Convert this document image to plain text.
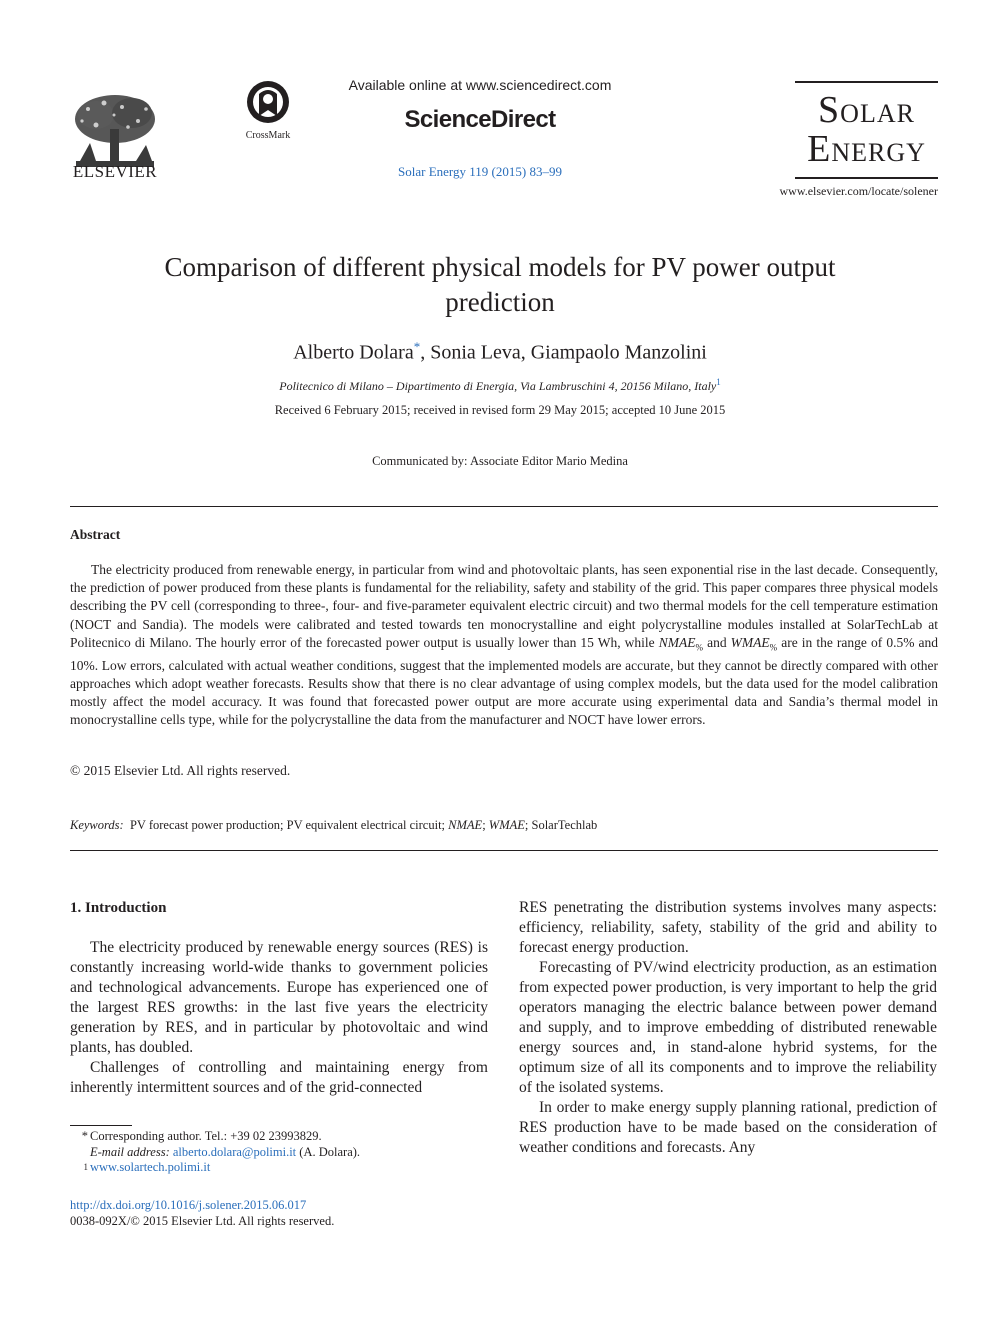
ELSEVIER
CrossMark
Available online at www.sciencedirect.com
ScienceDirect
Solar Energy 119 (2015) 83–99
SOLAR
ENERGY
www.elsevier.com/locate/solener
Comparison of different physical models for PV power output prediction
Alberto Dolara*, Sonia Leva, Giampaolo Manzolini
Politecnico di Milano – Dipartimento di Energia, Via Lambruschini 4, 20156 Milano, Italy$^1$
Received 6 February 2015; received in revised form 29 May 2015; accepted 10 June 2015
Communicated by: Associate Editor Mario Medina
Abstract

The electricity produced from renewable energy, in particular from wind and photovoltaic plants, has seen exponential rise in the last decade. Consequently, the prediction of power produced from these plants is fundamental for the reliability, safety and stability of the grid. This paper compares three physical models describing the PV cell (corresponding to three-, four- and five-parameter equivalent electric circuit) and two thermal models for the cell temperature estimation (NOCT and Sandia). The models were calibrated and tested towards ten monocrystalline and eight polycrystalline modules installed at SolarTechLab at Politecnico di Milano. The hourly error of the forecasted power output is usually lower than 15 Wh, while $NMAE_{\%}$ and $WMAE_{\%}$ are in the range of 0.5% and 10%. Low errors, calculated with actual weather conditions, suggest that the implemented models are accurate, but they cannot be directly compared with other approaches which adopt weather forecasts. Results show that there is no clear advantage of using complex models, but the data used for the model calibration mostly affect the model accuracy. It was found that forecasted power output are more accurate using experimental data and Sandia’s thermal model in monocrystalline cells type, while for the polycrystalline the data from the manufacturer and NOCT have lower errors.

© 2015 Elsevier Ltd. All rights reserved.
Keywords: PV forecast power production; PV equivalent electrical circuit; NMAE; WMAE; SolarTechlab
1. Introduction

The electricity produced by renewable energy sources (RES) is constantly increasing world-wide thanks to government policies and technological advancements. Europe has experienced one of the largest RES growths: in the last five years the electricity generation by RES, and in particular by photovoltaic and wind plants, has doubled.

Challenges of controlling and maintaining energy from inherently intermittent sources and of the grid-connected

RES penetrating the distribution systems involves many aspects: efficiency, reliability, safety, stability of the grid and ability to forecast energy production.

Forecasting of PV/wind electricity production, as an estimation from expected power production, is very important to help the grid operators managing the electric balance between power demand and supply, and to improve embedding of distributed renewable energy sources and, in stand-alone hybrid systems, for the optimum size of all its components and to improve the reliability of the isolated systems.

In order to make energy supply planning rational, prediction of RES production have to be made based on the consideration of weather conditions and forecasts. Any

* Corresponding author. Tel.: +39 02 23993829.
E-mail address: alberto.dolara@polimi.it (A. Dolara).
1 www.solartech.polimi.it
http://dx.doi.org/10.1016/j.solener.2015.06.017
0038-092X/© 2015 Elsevier Ltd. All rights reserved.
